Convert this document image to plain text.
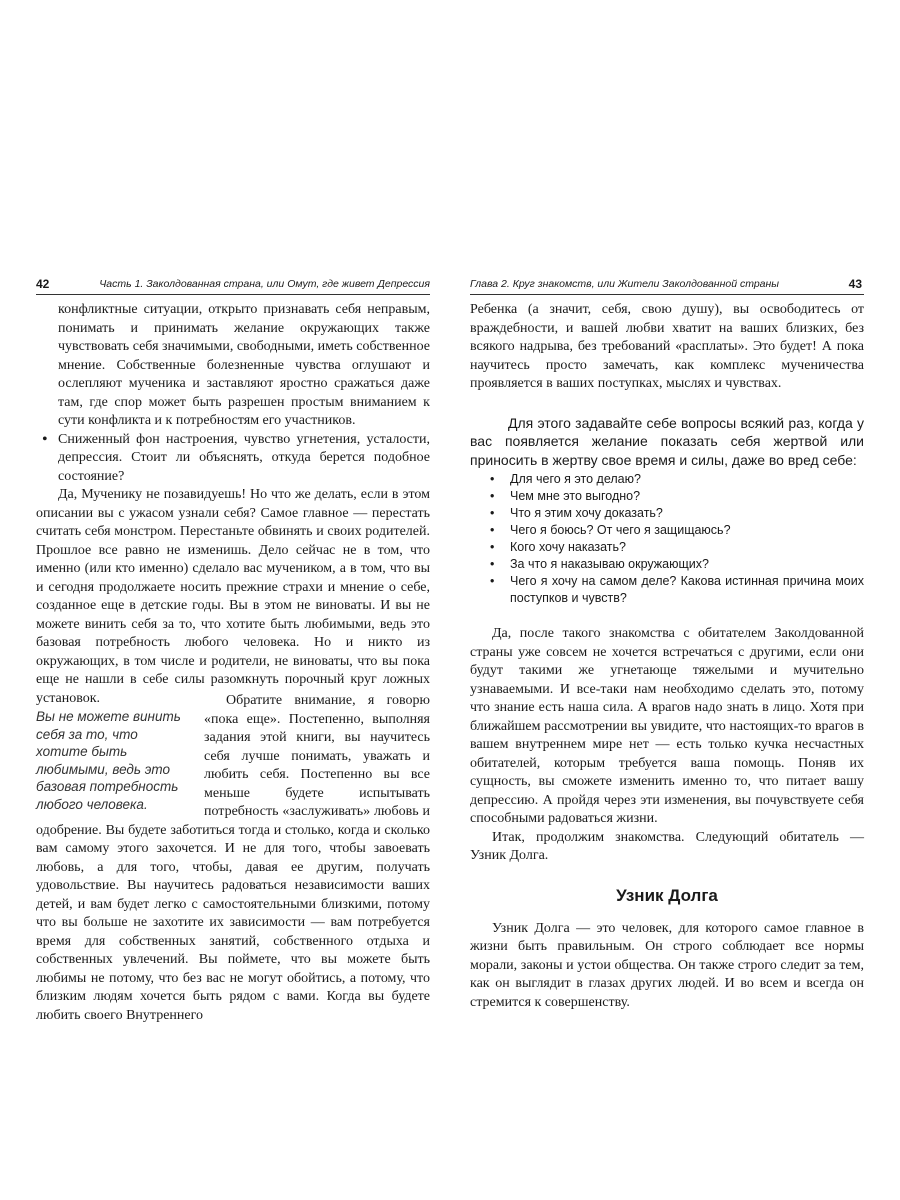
42	Часть 1. Заколдованная страна, или Омут, где живет Депрессия

конфликтные ситуации, открыто признавать себя неправым, понимать и принимать желание окружающих также чувствовать себя значимыми, свободными, иметь собственное мнение. Собственные болезненные чувства оглушают и ослепляют мученика и заставляют яростно сражаться даже там, где спор может быть разрешен простым вниманием к сути конфликта и к потребностям его участников.

• Сниженный фон настроения, чувство угнетения, усталости, депрессия. Стоит ли объяснять, откуда берется подобное состояние?

Да, Мученику не позавидуешь! Но что же делать, если в этом описании вы с ужасом узнали себя? Самое главное — перестать считать себя монстром. Перестаньте обвинять и своих родителей. Прошлое все равно не изменишь. Дело сейчас не в том, что именно (или кто именно) сделало вас мучеником, а в том, что вы и сегодня продолжаете носить прежние страхи и мнение о себе, созданное еще в детские годы. Вы в этом не виноваты. И вы не можете винить себя за то, что хотите быть любимыми, ведь это базовая потребность любого человека. Но и никто из окружающих, в том числе и родители, не виноваты, что вы пока еще не нашли в себе силы разомкнуть порочный круг ложных установок.

Вы не можете винить себя за то, что хотите быть любимыми, ведь это базовая потребность любого человека.

Обратите внимание, я говорю «пока еще». Постепенно, выполняя задания этой книги, вы научитесь себя лучше понимать, уважать и любить себя. Постепенно вы все меньше будете испытывать потребность «заслуживать» любовь и одобрение. Вы будете заботиться тогда и столько, когда и сколько вам самому этого захочется. И не для того, чтобы завоевать любовь, а для того, чтобы, давая ее другим, получать удовольствие. Вы научитесь радоваться независимости ваших детей, и вам будет легко с самостоятельными близкими, потому что вы больше не захотите их зависимости — вам потребуется время для собственных занятий, собственного отдыха и собственных увлечений. Вы поймете, что вы можете быть любимы не потому, что без вас не могут обойтись, а потому, что близким людям хочется быть рядом с вами. Когда вы будете любить своего Внутреннего

Глава 2. Круг знакомств, или Жители Заколдованной страны	43

Ребенка (а значит, себя, свою душу), вы освободитесь от враждебности, и вашей любви хватит на ваших близких, без всякого надрыва, без требований «расплаты». Это будет! А пока научитесь просто замечать, как комплекс мученичества проявляется в ваших поступках, мыслях и чувствах.

Для этого задавайте себе вопросы всякий раз, когда у вас появляется желание показать себя жертвой или приносить в жертву свое время и силы, даже во вред себе:

• Для чего я это делаю?
• Чем мне это выгодно?
• Что я этим хочу доказать?
• Чего я боюсь? От чего я защищаюсь?
• Кого хочу наказать?
• За что я наказываю окружающих?
• Чего я хочу на самом деле? Какова истинная причина моих поступков и чувств?

Да, после такого знакомства с обитателем Заколдованной страны уже совсем не хочется встречаться с другими, если они будут такими же угнетающе тяжелыми и мучительно узнаваемыми. И все-таки нам необходимо сделать это, потому что знание есть наша сила. А врагов надо знать в лицо. Хотя при ближайшем рассмотрении вы увидите, что настоящих-то врагов в вашем внутреннем мире нет — есть только кучка несчастных обитателей, которым требуется ваша помощь. Поняв их сущность, вы сможете изменить именно то, что питает вашу депрессию. А пройдя через эти изменения, вы почувствуете себя способными радоваться жизни.

Итак, продолжим знакомства. Следующий обитатель — Узник Долга.

Узник Долга

Узник Долга — это человек, для которого самое главное в жизни быть правильным. Он строго соблюдает все нормы морали, законы и устои общества. Он также строго следит за тем, как он выглядит в глазах других людей. И во всем и всегда он стремится к совершенству.
